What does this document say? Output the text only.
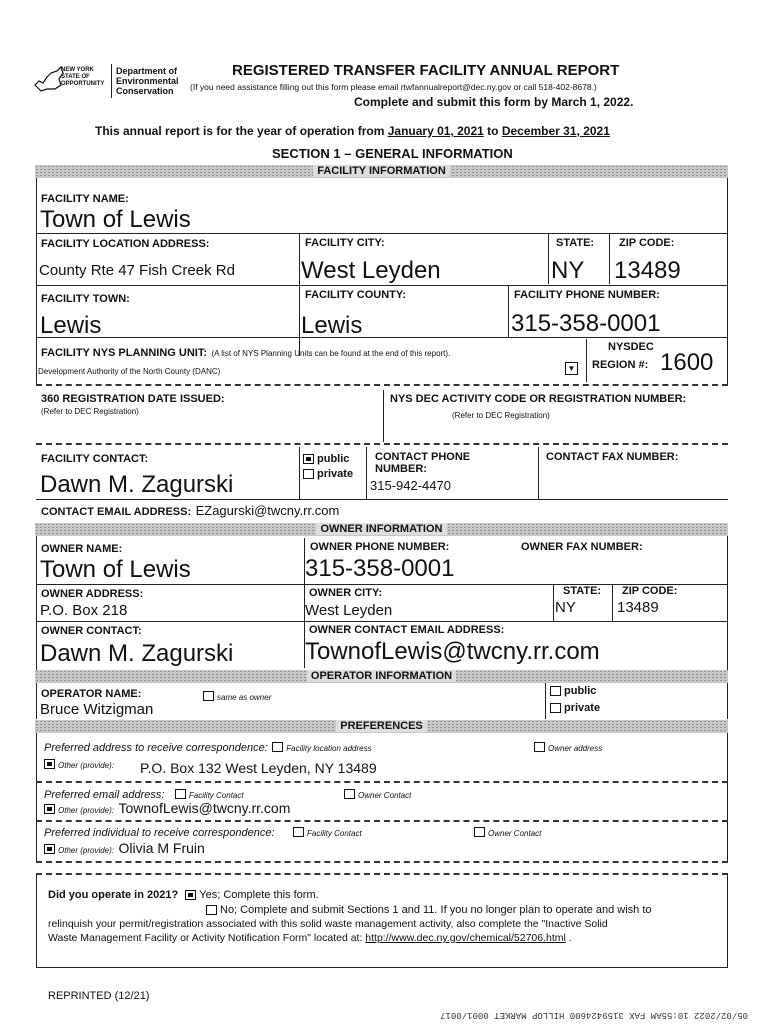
NEW YORK STATE OF OPPORTUNITY
Department of
Environmental
Conservation
REGISTERED TRANSFER FACILITY ANNUAL REPORT
(If you need assistance filling out this form please email rtwfannualreport@dec.ny.gov or call 518-402-8678.)
Complete and submit this form by March 1, 2022.
This annual report is for the year of operation from January 01, 2021 to December 31, 2021
SECTION 1 – GENERAL INFORMATION
FACILITY INFORMATION
FACILITY NAME:
Town of Lewis
FACILITY LOCATION ADDRESS:
County Rte 47 Fish Creek Rd
FACILITY CITY:
West Leyden
STATE:
NY
ZIP CODE:
13489
FACILITY TOWN:
Lewis
FACILITY COUNTY:
Lewis
FACILITY PHONE NUMBER:
315-358-0001
FACILITY NYS PLANNING UNIT: (A list of NYS Planning Units can be found at the end of this report).
Development Authority of the North County (DANC)	▼
NYSDEC
REGION #: 1600
360 REGISTRATION DATE ISSUED:
(Refer to DEC Registration)
NYS DEC ACTIVITY CODE OR REGISTRATION NUMBER:
(Refer to DEC Registration)
FACILITY CONTACT:
Dawn M. Zagurski
public
private
CONTACT PHONE NUMBER:
315-942-4470
CONTACT FAX NUMBER:
CONTACT EMAIL ADDRESS: EZagurski@twcny.rr.com
OWNER INFORMATION
OWNER NAME:
Town of Lewis
OWNER PHONE NUMBER:
315-358-0001
OWNER FAX NUMBER:
OWNER ADDRESS:
P.O. Box 218
OWNER CITY:
West Leyden
STATE:
NY
ZIP CODE:
13489
OWNER CONTACT:
Dawn M. Zagurski
OWNER CONTACT EMAIL ADDRESS:
TownofLewis@twcny.rr.com
OPERATOR INFORMATION
OPERATOR NAME:	same as owner
Bruce Witzigman
public
private
PREFERENCES
Preferred address to receive correspondence: Facility location address	Owner address
Other (provide): P.O. Box 132 West Leyden, NY 13489
Preferred email address:	Facility Contact	Owner Contact
Other (provide): TownofLewis@twcny.rr.com
Preferred individual to receive correspondence:	Facility Contact	Owner Contact
Other (provide): Olivia M Fruin
Did you operate in 2021? Yes; Complete this form.
No; Complete and submit Sections 1 and 11. If you no longer plan to operate and wish to
relinquish your permit/registration associated with this solid waste management activity, also complete the "Inactive Solid
Waste Management Facility or Activity Notification Form" located at: http://www.dec.ny.gov/chemical/52706.html .
REPRINTED (12/21)
05/02/2022 10:55AM FAX 3159424600 HILLOP MARKET 0001/0017
